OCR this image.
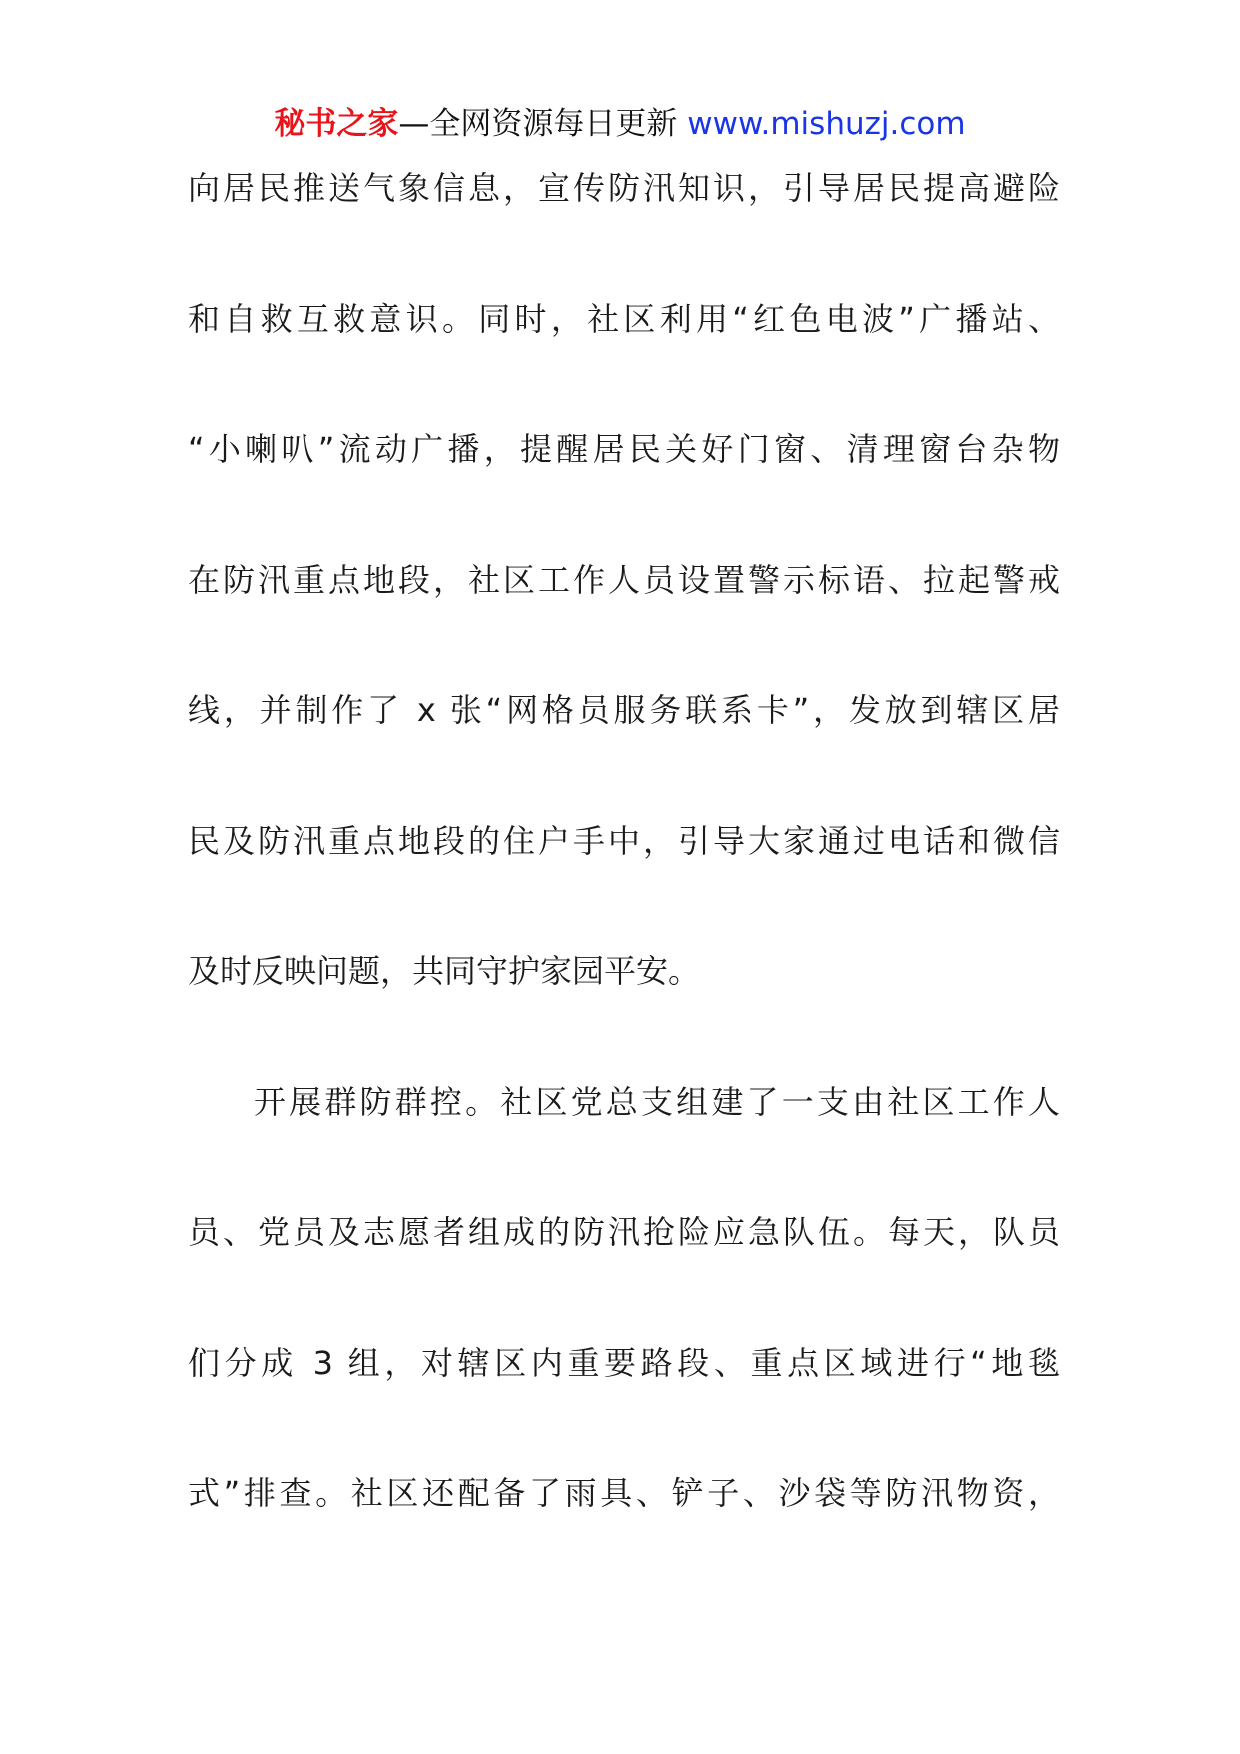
秘书之家—全网资源每日更新 www.mishuzj.com
向居民推送气象信息，宣传防汛知识，引导居民提高避险
和自救互救意识。同时，社区利用“红色电波”广播站、
“小喇叭”流动广播，提醒居民关好门窗、清理窗台杂物
在防汛重点地段，社区工作人员设置警示标语、拉起警戒
线，并制作了 x 张“网格员服务联系卡”，发放到辖区居
民及防汛重点地段的住户手中，引导大家通过电话和微信
及时反映问题，共同守护家园平安。
开展群防群控。社区党总支组建了一支由社区工作人
员、党员及志愿者组成的防汛抢险应急队伍。每天，队员
们分成 3 组，对辖区内重要路段、重点区域进行“地毯
式”排查。社区还配备了雨具、铲子、沙袋等防汛物资，
